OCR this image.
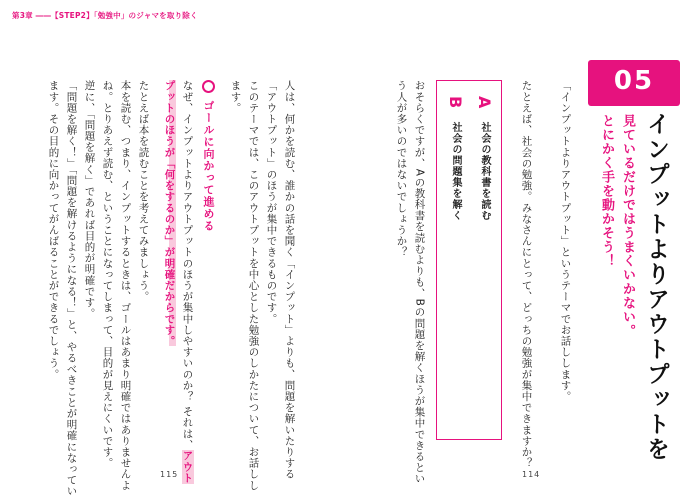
第3章 ――【STEP2】「勉強中」のジャマを取り除く
05
インプットよりアウトプットを
見ているだけではうまくいかない。
とにかく手を動かそう！
「インプットよりアウトプット」というテーマでお話しします。
たとえば、社会の勉強。みなさんにとって、どっちの勉強が集中できますか？
A
社会の教科書を読む
B
社会の問題集を解く
おそらくですが、Aの教科書を読むよりも、Bの問題を解くほうが集中できるとい
う人が多いのではないでしょうか？
人は、何かを読む、誰かの話を聞く「インプット」よりも、問題を解いたりする
「アウトプット」のほうが集中できるものです。
このテーマでは、このアウトプットを中心とした勉強のしかたについて、お話しし
ます。
ゴールに向かって進める
なぜ、インプットよりアウトプットのほうが集中しやすいのか？ それは、アウト
プットのほうが「何をするのか」が明確だからです。
たとえば本を読むことを考えてみましょう。
本を読む、つまり、インプットするときは、ゴールはあまり明確ではありませんよ
ね。とりあえず読む、ということになってしまって、目的が見えにくいです。
逆に、「問題を解く」であれば目的が明確です。
「問題を解く！」「問題を解けるようになる！」と、やるべきことが明確になってい
ます。その目的に向かってがんばることができるでしょう。
115	114
